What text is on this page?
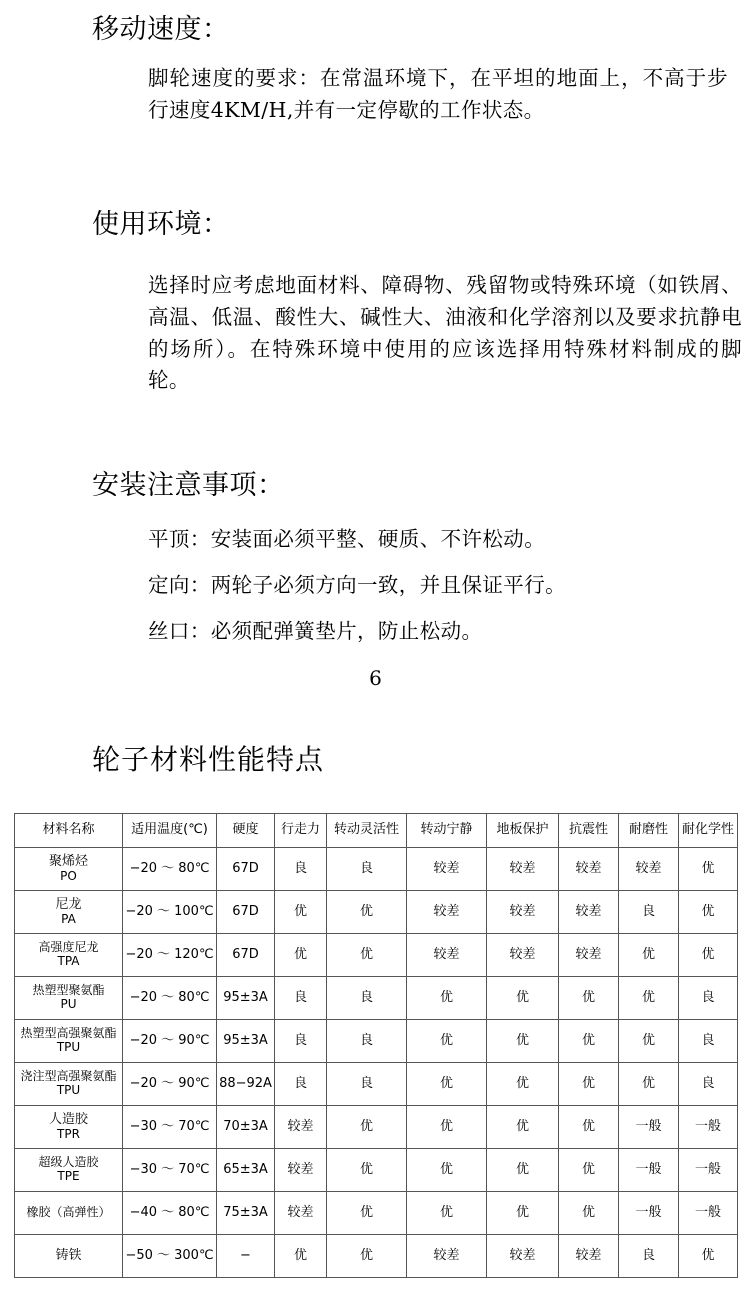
移动速度：
脚轮速度的要求：在常温环境下，在平坦的地面上，不高于步行速度4KM/H,并有一定停歇的工作状态。
使用环境：
选择时应考虑地面材料、障碍物、残留物或特殊环境（如铁屑、高温、低温、酸性大、碱性大、油液和化学溶剂以及要求抗静电的场所）。在特殊环境中使用的应该选择用特殊材料制成的脚轮。
安装注意事项：
平顶：安装面必须平整、硬质、不许松动。
定向：两轮子必须方向一致，并且保证平行。
丝口：必须配弹簧垫片，防止松动。
6
轮子材料性能特点
材料名称	适用温度(℃)	硬度	行走力	转动灵活性	转动宁静	地板保护	抗震性	耐磨性	耐化学性

聚烯烃
PO	−20 ～ 80℃	67D	良	良	较差	较差	较差	较差	优

尼龙
PA	−20 ～ 100℃	67D	优	优	较差	较差	较差	良	优

高强度尼龙
TPA	−20 ～ 120℃	67D	优	优	较差	较差	较差	优	优

热塑型聚氨酯
PU	−20 ～ 80℃	95±3A	良	良	优	优	优	优	良

热塑型高强聚氨酯
TPU	−20 ～ 90℃	95±3A	良	良	优	优	优	优	良

浇注型高强聚氨酯
TPU	−20 ～ 90℃	88−92A	良	良	优	优	优	优	良

人造胶
TPR	−30 ～ 70℃	70±3A	较差	优	优	优	优	一般	一般

超级人造胶
TPE	−30 ～ 70℃	65±3A	较差	优	优	优	优	一般	一般

橡胶（高弹性）	−40 ～ 80℃	75±3A	较差	优	优	优	优	一般	一般

铸铁	−50 ～ 300℃	−	优	优	较差	较差	较差	良	优
